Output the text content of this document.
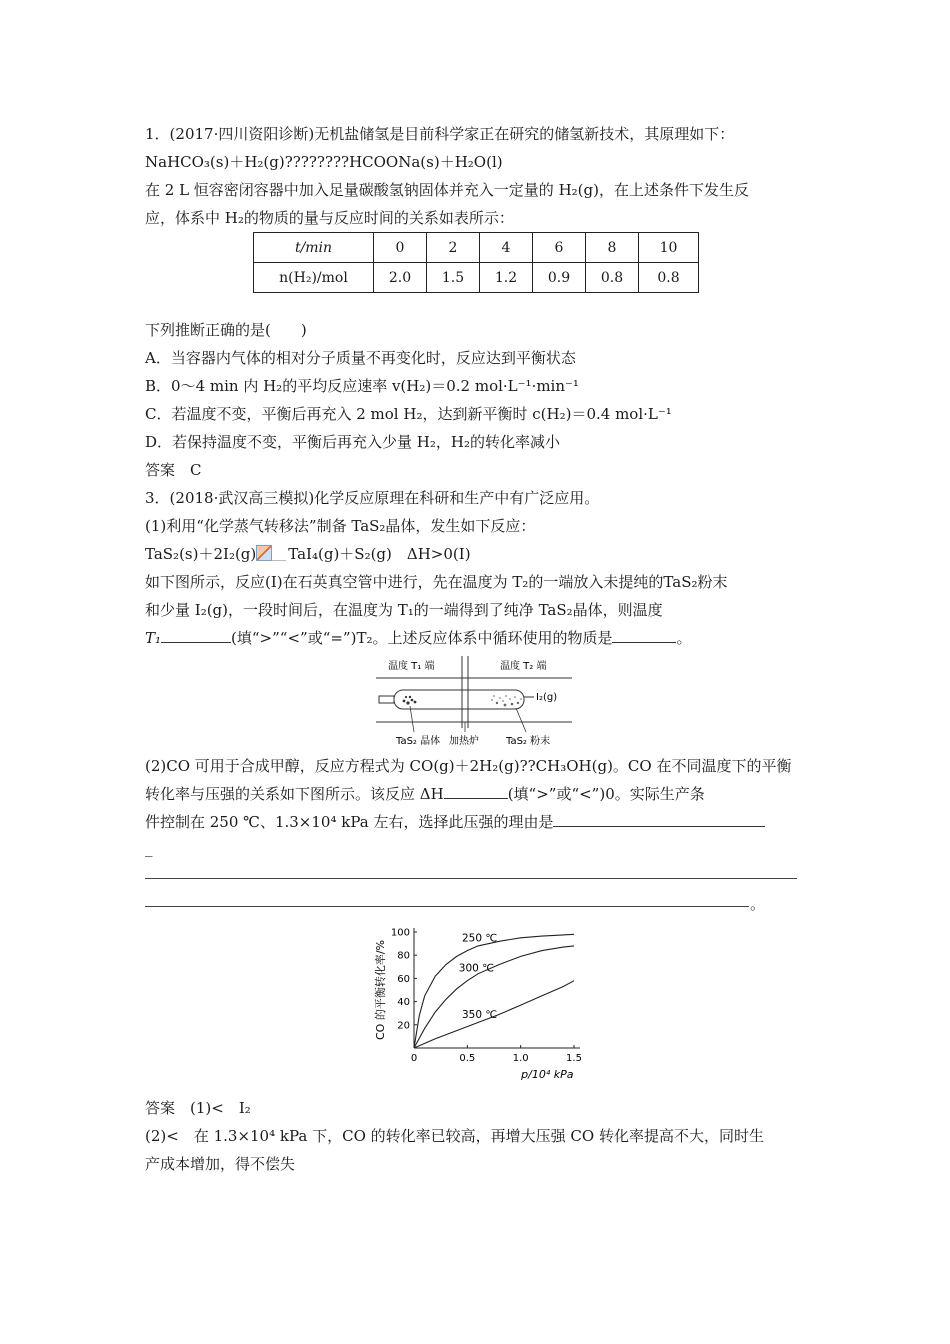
1．(2017·四川资阳诊断)无机盐储氢是目前科学家正在研究的储氢新技术，其原理如下：
NaHCO₃(s)＋H₂(g)????????HCOONa(s)＋H₂O(l)
在 2 L 恒容密闭容器中加入足量碳酸氢钠固体并充入一定量的 H₂(g)，在上述条件下发生反
应，体系中 H₂的物质的量与反应时间的关系如表所示：
t/min	0	2	4	6	8	10
n(H₂)/mol	2.0	1.5	1.2	0.9	0.8	0.8
下列推断正确的是(　　)
A．当容器内气体的相对分子质量不再变化时，反应达到平衡状态
B．0～4 min 内 H₂的平均反应速率 v(H₂)＝0.2 mol·L⁻¹·min⁻¹
C．若温度不变，平衡后再充入 2 mol H₂，达到新平衡时 c(H₂)＝0.4 mol·L⁻¹
D．若保持温度不变，平衡后再充入少量 H₂，H₂的转化率减小
答案　C
3．(2018·武汉高三模拟)化学反应原理在科研和生产中有广泛应用。
(1)利用“化学蒸气转移法”制备 TaS₂晶体，发生如下反应：
TaS₂(s)＋2I₂(g) TaI₄(g)＋S₂(g)　ΔH>0(Ⅰ)
如下图所示，反应(Ⅰ)在石英真空管中进行，先在温度为 T₂的一端放入未提纯的TaS₂粉末
和少量 I₂(g)，一段时间后，在温度为 T₁的一端得到了纯净 TaS₂晶体，则温度
T₁	(填“>”“<”或“=”)T₂。上述反应体系中循环使用的物质是	。
温度 T₁ 端	温度 T₂ 端
I₂(g)
TaS₂ 晶体 加热炉	TaS₂ 粉末
(2)CO 可用于合成甲醇，反应方程式为 CO(g)＋2H₂(g)??CH₃OH(g)。CO 在不同温度下的平衡
转化率与压强的关系如下图所示。该反应 ΔH	(填“>”或“<”)0。实际生产条
件控制在 250 ℃、1.3×10⁴ kPa 左右，选择此压强的理由是
_
。
0	0.5	1.0	1.5
20
40
60
80
100	250 ℃
300 ℃
350 ℃
CO 的平衡转化率/%
p/10⁴ kPa
答案　(1)<　I₂
(2)<　在 1.3×10⁴ kPa 下，CO 的转化率已较高，再增大压强 CO 转化率提高不大，同时生
产成本增加，得不偿失
